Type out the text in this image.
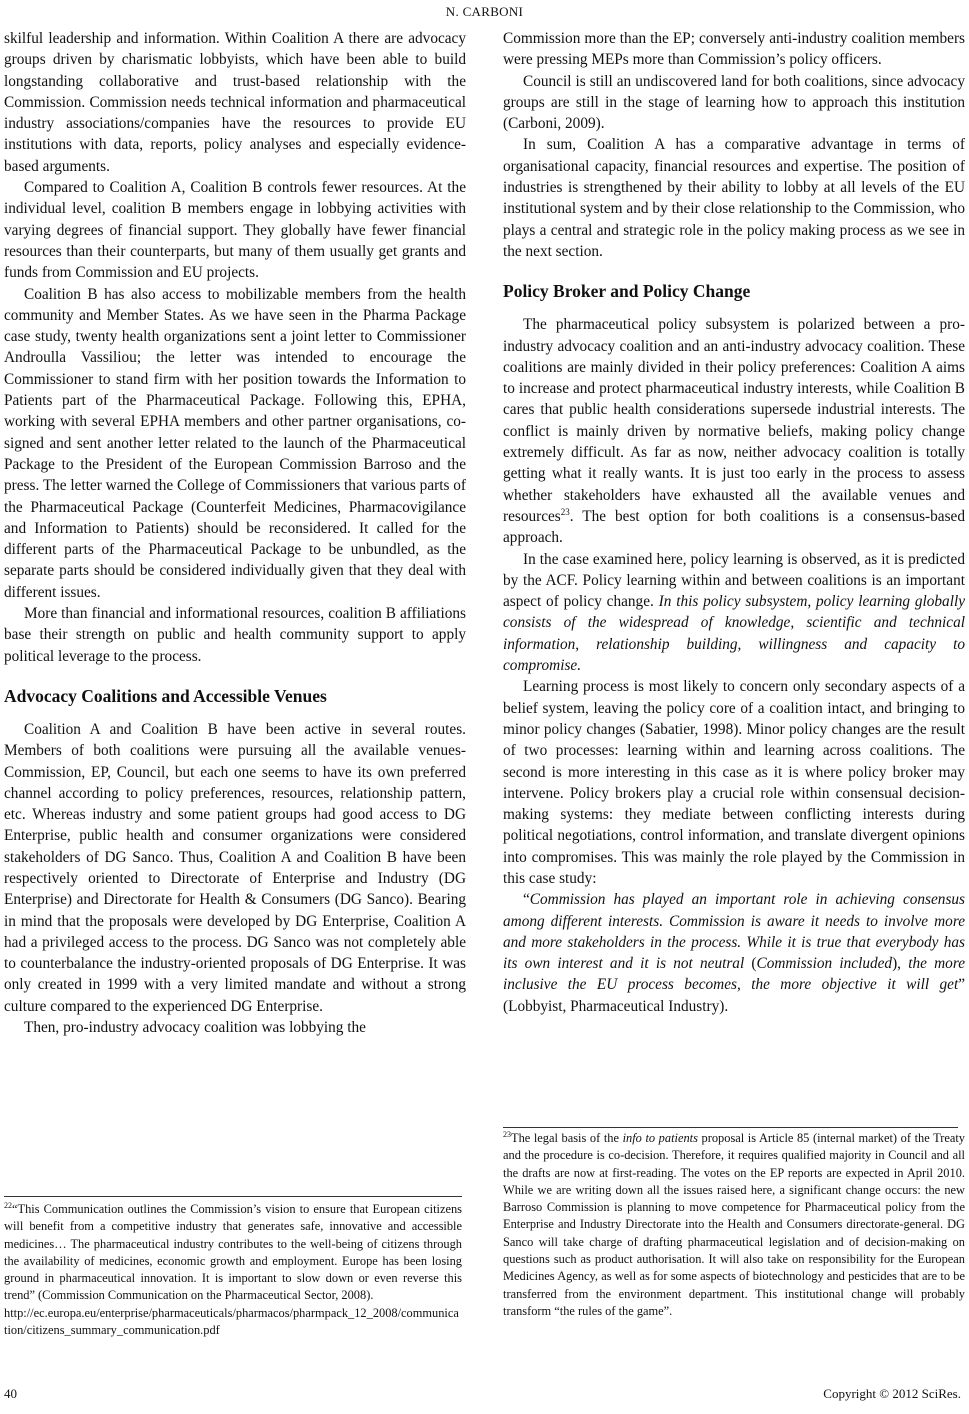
N. CARBONI

skilful leadership and information. Within Coalition A there are advocacy groups driven by charismatic lobbyists, which have been able to build longstanding collaborative and trust-based relationship with the Commission. Commission needs technical information and pharmaceutical industry associations/companies have the resources to provide EU institutions with data, reports, policy analyses and especially evidence-based arguments.

Compared to Coalition A, Coalition B controls fewer resources. At the individual level, coalition B members engage in lobbying activities with varying degrees of financial support. They globally have fewer financial resources than their counterparts, but many of them usually get grants and funds from Commission and EU projects.

Coalition B has also access to mobilizable members from the health community and Member States. As we have seen in the Pharma Package case study, twenty health organizations sent a joint letter to Commissioner Androulla Vassiliou; the letter was intended to encourage the Commissioner to stand firm with her position towards the Information to Patients part of the Pharmaceutical Package. Following this, EPHA, working with several EPHA members and other partner organisations, co-signed and sent another letter related to the launch of the Pharmaceutical Package to the President of the European Commission Barroso and the press. The letter warned the College of Commissioners that various parts of the Pharmaceutical Package (Counterfeit Medicines, Pharmacovigilance and Information to Patients) should be reconsidered. It called for the different parts of the Pharmaceutical Package to be unbundled, as the separate parts should be considered individually given that they deal with different issues.

More than financial and informational resources, coalition B affiliations base their strength on public and health community support to apply political leverage to the process.

Advocacy Coalitions and Accessible Venues

Coalition A and Coalition B have been active in several routes. Members of both coalitions were pursuing all the available venues-Commission, EP, Council, but each one seems to have its own preferred channel according to policy preferences, resources, relationship pattern, etc. Whereas industry and some patient groups had good access to DG Enterprise, public health and consumer organizations were considered stakeholders of DG Sanco. Thus, Coalition A and Coalition B have been respectively oriented to Directorate of Enterprise and Industry (DG Enterprise) and Directorate for Health & Consumers (DG Sanco). Bearing in mind that the proposals were developed by DG Enterprise, Coalition A had a privileged access to the process. DG Sanco was not completely able to counterbalance the industry-oriented proposals of DG Enterprise. It was only created in 1999 with a very limited mandate and without a strong culture compared to the experienced DG Enterprise.

Then, pro-industry advocacy coalition was lobbying the

Commission more than the EP; conversely anti-industry coalition members were pressing MEPs more than Commission’s policy officers.

Council is still an undiscovered land for both coalitions, since advocacy groups are still in the stage of learning how to approach this institution (Carboni, 2009).

In sum, Coalition A has a comparative advantage in terms of organisational capacity, financial resources and expertise. The position of industries is strengthened by their ability to lobby at all levels of the EU institutional system and by their close relationship to the Commission, who plays a central and strategic role in the policy making process as we see in the next section.

Policy Broker and Policy Change

The pharmaceutical policy subsystem is polarized between a pro-industry advocacy coalition and an anti-industry advocacy coalition. These coalitions are mainly divided in their policy preferences: Coalition A aims to increase and protect pharmaceutical industry interests, while Coalition B cares that public health considerations supersede industrial interests. The conflict is mainly driven by normative beliefs, making policy change extremely difficult. As far as now, neither advocacy coalition is totally getting what it really wants. It is just too early in the process to assess whether stakeholders have exhausted all the available venues and resources$^{23}$. The best option for both coalitions is a consensus-based approach.

In the case examined here, policy learning is observed, as it is predicted by the ACF. Policy learning within and between coalitions is an important aspect of policy change. In this policy subsystem, policy learning globally consists of the widespread of knowledge, scientific and technical information, relationship building, willingness and capacity to compromise.

Learning process is most likely to concern only secondary aspects of a belief system, leaving the policy core of a coalition intact, and bringing to minor policy changes (Sabatier, 1998). Minor policy changes are the result of two processes: learning within and learning across coalitions. The second is more interesting in this case as it is where policy broker may intervene. Policy brokers play a crucial role within consensual decision-making systems: they mediate between conflicting interests during political negotiations, control information, and translate divergent opinions into compromises. This was mainly the role played by the Commission in this case study:

“Commission has played an important role in achieving consensus among different interests. Commission is aware it needs to involve more and more stakeholders in the process. While it is true that everybody has its own interest and it is not neutral (Commission included), the more inclusive the EU process becomes, the more objective it will get” (Lobbyist, Pharmaceutical Industry).

$^{23}$The legal basis of the info to patients proposal is Article 85 (internal market) of the Treaty and the procedure is co-decision. Therefore, it requires qualified majority in Council and all the drafts are now at first-reading. The votes on the EP reports are expected in April 2010. While we are writing down all the issues raised here, a significant change occurs: the new Barroso Commission is planning to move competence for Pharmaceutical policy from the Enterprise and Industry Directorate into the Health and Consumers directorate-general. DG Sanco will take charge of drafting pharmaceutical legislation and of decision-making on questions such as product authorisation. It will also take on responsibility for the European Medicines Agency, as well as for some aspects of biotechnology and pesticides that are to be transferred from the environment department. This institutional change will probably transform “the rules of the game”.

$^{22}$“This Communication outlines the Commission’s vision to ensure that European citizens will benefit from a competitive industry that generates safe, innovative and accessible medicines… The pharmaceutical industry contributes to the well-being of citizens through the availability of medicines, economic growth and employment. Europe has been losing ground in pharmaceutical innovation. It is important to slow down or even reverse this trend” (Commission Communication on the Pharmaceutical Sector, 2008).

http://ec.europa.eu/enterprise/pharmaceuticals/pharmacos/pharmpack_12_2008/communication/citizens_summary_communication.pdf

40	Copyright © 2012 SciRes.
